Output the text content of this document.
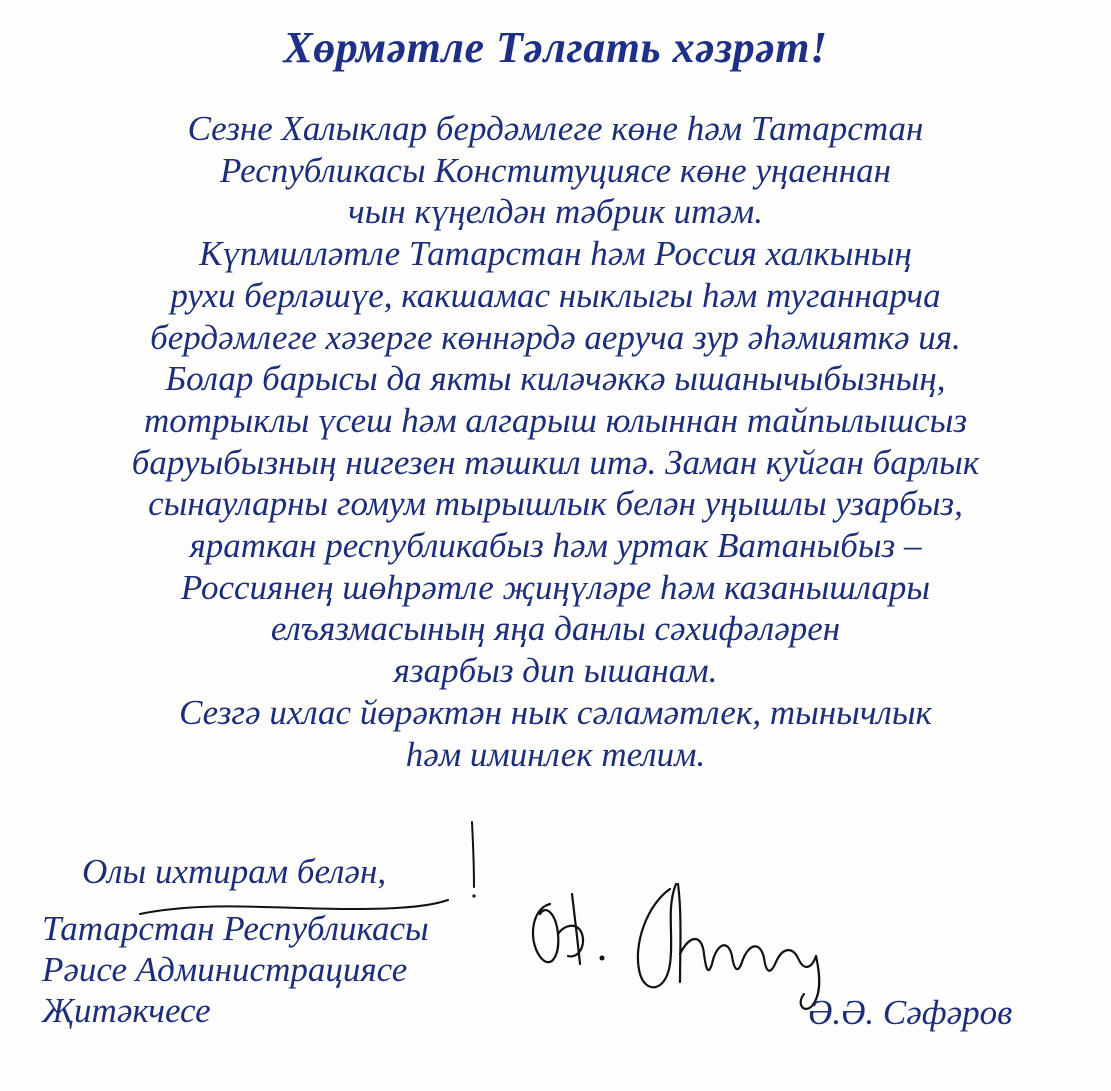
Хөрмәтле Тәлгать хәзрәт!
Сезне Халыклар бердәмлеге көне һәм Татарстан
Республикасы Конституциясе көне уңаеннан
чын күңелдән тәбрик итәм.
Күпмилләтле Татарстан һәм Россия халкының
рухи берләшүе, какшамас ныклыгы һәм туганнарча
бердәмлеге хәзерге көннәрдә аеруча зур әһәмияткә ия.
Болар барысы да якты киләчәккә ышанычыбызның,
тотрыклы үсеш һәм алгарыш юлыннан тайпылышсыз
баруыбызның нигезен тәшкил итә. Заман куйган барлык
сынауларны гомум тырышлык белән уңышлы узарбыз,
яраткан республикабыз һәм уртак Ватаныбыз –
Россиянең шөһрәтле җиңүләре һәм казанышлары
елъязмасының яңа данлы сәхифәләрен
язарбыз дип ышанам.
Сезгә ихлас йөрәктән нык сәламәтлек, тынычлык
һәм иминлек телим.
Олы ихтирам белән,
Татарстан Республикасы
Рәисе Администрациясе
Җитәкчесе	Ә.Ә. Сәфәров
